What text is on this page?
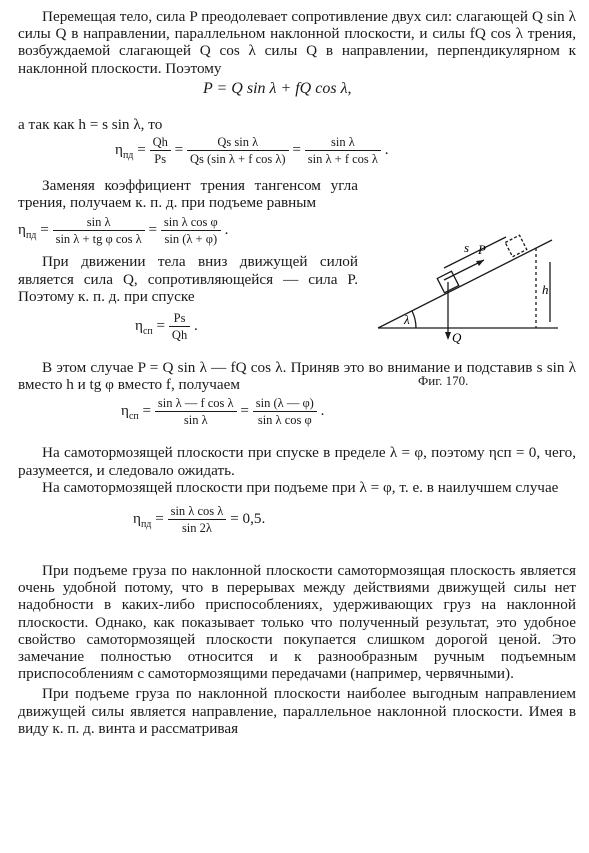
Перемещая тело, сила P преодолевает сопротивление двух сил: слагающей Q sin λ силы Q в направлении, параллельном наклонной плоскости, и силы fQ cos λ трения, возбуждаемой слагающей Q cos λ силы Q в направлении, перпендикулярном к наклонной плоскости. Поэтому

P = Q sin λ + fQ cos λ,

а так как h = s sin λ, то

$\eta_{пд} = \frac{Qh}{Ps} = \frac{\text{Qs sin λ}}{\text{Qs (sin λ + f cos λ)}} = \frac{\text{sin λ}}{\text{sin λ + f cos λ}}$ .

Заменяя коэффициент трения тангенсом угла трения, получаем к. п. д. при подъеме равным

$\eta_{пд} = \frac{\text{sin λ}}{\text{sin λ + tg φ cos λ}} = \frac{\text{sin λ cos φ}}{\sin (\lambda + \varphi)}$ .

При движении тела вниз движущей силой является сила Q, сопротивляющейся — сила P. Поэтому к. п. д. при спуске

$\eta_{сп} = \frac{Ps}{Qh}$ .

В этом случае P = Q sin λ — fQ cos λ. Приняв это во внимание и подставив s sin λ вместо h и tg φ вместо f, получаем

$\eta_{сп} = \frac{\text{sin λ — f cos λ}}{\text{sin λ}} = \frac{\sin (\lambda — \varphi)}{\text{sin λ cos φ}}$ .

На самотормозящей плоскости при спуске в пределе λ = φ, поэтому ηсп = 0, чего, разумеется, и следовало ожидать.

На самотормозящей плоскости при подъеме при λ = φ, т. е. в наилучшем случае

$\eta_{пд} = \frac{\text{sin λ cos λ}}{\sin 2\lambda} = 0,5$.

При подъеме груза по наклонной плоскости самотормозящая плоскость является очень удобной потому, что в перерывах между действиями движущей силы нет надобности в каких-либо приспособлениях, удерживающих груз на наклонной плоскости. Однако, как показывает только что полученный результат, это удобное свойство самотормозящей плоскости покупается слишком дорогой ценой. Это замечание полностью относится и к разнообразным ручным подъемным приспособлениям с самотормозящими передачами (например, червячными).

При подъеме груза по наклонной плоскости наиболее выгодным направлением движущей силы является направление, параллельное наклонной плоскости. Имея в виду к. п. д. винта и рассматривая

s P
h
Q
λ
Фиг. 170.
